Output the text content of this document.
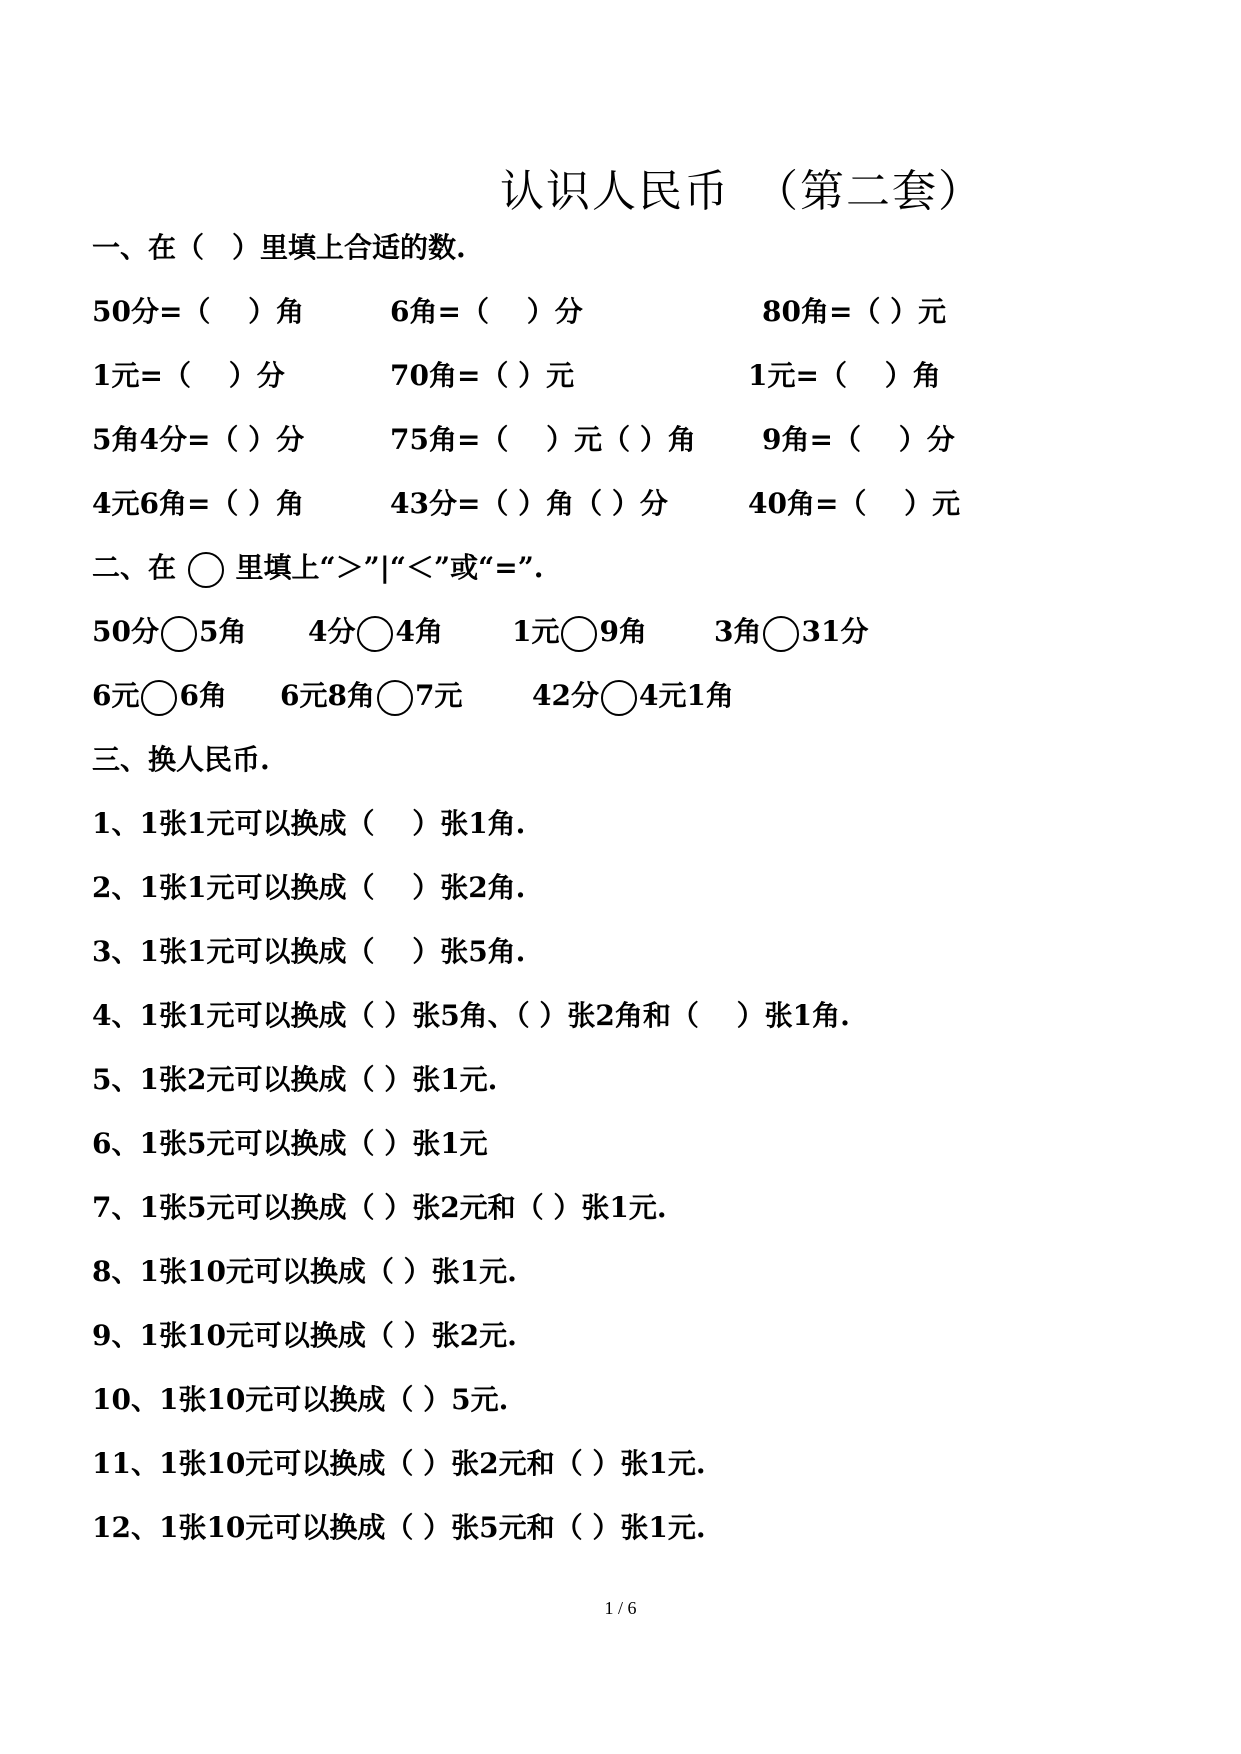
认识人民币　（第二套）
一、在（　）里填上合适的数.
50分=（　 ）角	6角=（　 ）分	80角=（ ）元
1元=（　 ）分	70角=（ ）元	1元=（　 ）角
5角4分=（ ）分	75角=（　 ）元（ ）角 9角=（　 ）分
4元6角=（ ）角	43分=（ ）角（ ）分	40角=（　 ）元
二、在 里填上“＞”|“＜”或“=”.
50分 5角 4分 4角 1元 9角 3角 31分
6元 6角 6元8角 7元 42分 4元1角
三、换人民币.
1、1张1元可以换成（　 ）张1角.
2、1张1元可以换成（　 ）张2角.
3、1张1元可以换成（　 ）张5角.
4、1张1元可以换成（ ）张5角、（ ）张2角和（　 ）张1角.
5、1张2元可以换成（ ）张1元.
6、1张5元可以换成（ ）张1元
7、1张5元可以换成（ ）张2元和（ ）张1元.
8、1张10元可以换成（ ）张1元.
9、1张10元可以换成（ ）张2元.
10、1张10元可以换成（ ）5元.
11、1张10元可以换成（ ）张2元和（ ）张1元.
12、1张10元可以换成（ ）张5元和（ ）张1元.
1 / 6
